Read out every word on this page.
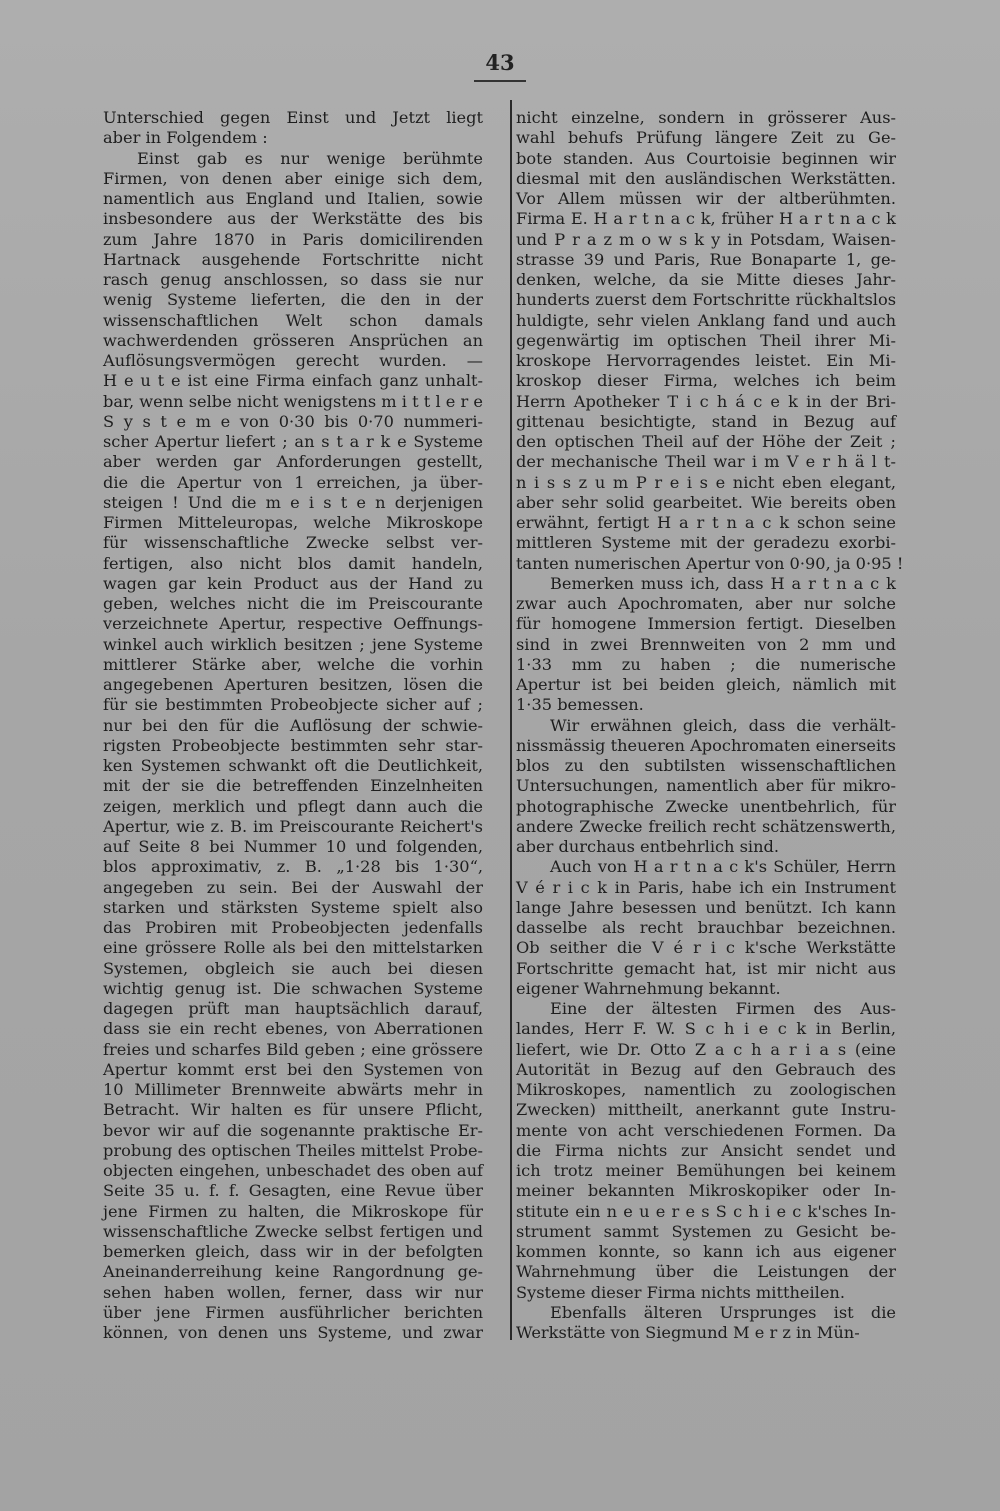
43
Unterschied gegen Einst und Jetzt liegt
aber in Folgendem :
Einst gab es nur wenige berühmte
Firmen, von denen aber einige sich dem,
namentlich aus England und Italien, sowie
insbesondere aus der Werkstätte des bis
zum Jahre 1870 in Paris domicilirenden
Hartnack ausgehende Fortschritte nicht
rasch genug anschlossen, so dass sie nur
wenig Systeme lieferten, die den in der
wissenschaftlichen Welt schon damals
wachwerdenden grösseren Ansprüchen an
Auflösungsvermögen gerecht wurden. —
H e u t e ist eine Firma einfach ganz unhalt-
bar, wenn selbe nicht wenigstens m i t t l e r e
S y s t e m e von 0·30 bis 0·70 nummeri-
scher Apertur liefert ; an s t a r k e Systeme
aber werden gar Anforderungen gestellt,
die die Apertur von 1 erreichen, ja über-
steigen ! Und die m e i s t e n derjenigen
Firmen Mitteleuropas, welche Mikroskope
für wissenschaftliche Zwecke selbst ver-
fertigen, also nicht blos damit handeln,
wagen gar kein Product aus der Hand zu
geben, welches nicht die im Preiscourante
verzeichnete Apertur, respective Oeffnungs-
winkel auch wirklich besitzen ; jene Systeme
mittlerer Stärke aber, welche die vorhin
angegebenen Aperturen besitzen, lösen die
für sie bestimmten Probeobjecte sicher auf ;
nur bei den für die Auflösung der schwie-
rigsten Probeobjecte bestimmten sehr star-
ken Systemen schwankt oft die Deutlichkeit,
mit der sie die betreffenden Einzelnheiten
zeigen, merklich und pflegt dann auch die
Apertur, wie z. B. im Preiscourante Reichert's
auf Seite 8 bei Nummer 10 und folgenden,
blos approximativ, z. B. „1·28 bis 1·30“,
angegeben zu sein. Bei der Auswahl der
starken und stärksten Systeme spielt also
das Probiren mit Probeobjecten jedenfalls
eine grössere Rolle als bei den mittelstarken
Systemen, obgleich sie auch bei diesen
wichtig genug ist. Die schwachen Systeme
dagegen prüft man hauptsächlich darauf,
dass sie ein recht ebenes, von Aberrationen
freies und scharfes Bild geben ; eine grössere
Apertur kommt erst bei den Systemen von
10 Millimeter Brennweite abwärts mehr in
Betracht. Wir halten es für unsere Pflicht,
bevor wir auf die sogenannte praktische Er-
probung des optischen Theiles mittelst Probe-
objecten eingehen, unbeschadet des oben auf
Seite 35 u. f. f. Gesagten, eine Revue über
jene Firmen zu halten, die Mikroskope für
wissenschaftliche Zwecke selbst fertigen und
bemerken gleich, dass wir in der befolgten
Aneinanderreihung keine Rangordnung ge-
sehen haben wollen, ferner, dass wir nur
über jene Firmen ausführlicher berichten
können, von denen uns Systeme, und zwar
nicht einzelne, sondern in grösserer Aus-
wahl behufs Prüfung längere Zeit zu Ge-
bote standen. Aus Courtoisie beginnen wir
diesmal mit den ausländischen Werkstätten.
Vor Allem müssen wir der altberühmten.
Firma E. H a r t n a c k, früher H a r t n a c k
und P r a z m o w s k y in Potsdam, Waisen-
strasse 39 und Paris, Rue Bonaparte 1, ge-
denken, welche, da sie Mitte dieses Jahr-
hunderts zuerst dem Fortschritte rückhaltslos
huldigte, sehr vielen Anklang fand und auch
gegenwärtig im optischen Theil ihrer Mi-
kroskope Hervorragendes leistet. Ein Mi-
kroskop dieser Firma, welches ich beim
Herrn Apotheker T i c h á c e k in der Bri-
gittenau besichtigte, stand in Bezug auf
den optischen Theil auf der Höhe der Zeit ;
der mechanische Theil war i m V e r h ä l t-
n i s s z u m P r e i s e nicht eben elegant,
aber sehr solid gearbeitet. Wie bereits oben
erwähnt, fertigt H a r t n a c k schon seine
mittleren Systeme mit der geradezu exorbi-
tanten numerischen Apertur von 0·90, ja 0·95 !
Bemerken muss ich, dass H a r t n a c k
zwar auch Apochromaten, aber nur solche
für homogene Immersion fertigt. Dieselben
sind in zwei Brennweiten von 2 mm und
1·33 mm zu haben ; die numerische
Apertur ist bei beiden gleich, nämlich mit
1·35 bemessen.
Wir erwähnen gleich, dass die verhält-
nissmässig theueren Apochromaten einerseits
blos zu den subtilsten wissenschaftlichen
Untersuchungen, namentlich aber für mikro-
photographische Zwecke unentbehrlich, für
andere Zwecke freilich recht schätzenswerth,
aber durchaus entbehrlich sind.
Auch von H a r t n a c k's Schüler, Herrn
V é r i c k in Paris, habe ich ein Instrument
lange Jahre besessen und benützt. Ich kann
dasselbe als recht brauchbar bezeichnen.
Ob seither die V é r i c k'sche Werkstätte
Fortschritte gemacht hat, ist mir nicht aus
eigener Wahrnehmung bekannt.
Eine der ältesten Firmen des Aus-
landes, Herr F. W. S c h i e c k in Berlin,
liefert, wie Dr. Otto Z a c h a r i a s (eine
Autorität in Bezug auf den Gebrauch des
Mikroskopes, namentlich zu zoologischen
Zwecken) mittheilt, anerkannt gute Instru-
mente von acht verschiedenen Formen. Da
die Firma nichts zur Ansicht sendet und
ich trotz meiner Bemühungen bei keinem
meiner bekannten Mikroskopiker oder In-
stitute ein n e u e r e s S c h i e c k'sches In-
strument sammt Systemen zu Gesicht be-
kommen konnte, so kann ich aus eigener
Wahrnehmung über die Leistungen der
Systeme dieser Firma nichts mittheilen.
Ebenfalls älteren Ursprunges ist die
Werkstätte von Siegmund M e r z in Mün-
